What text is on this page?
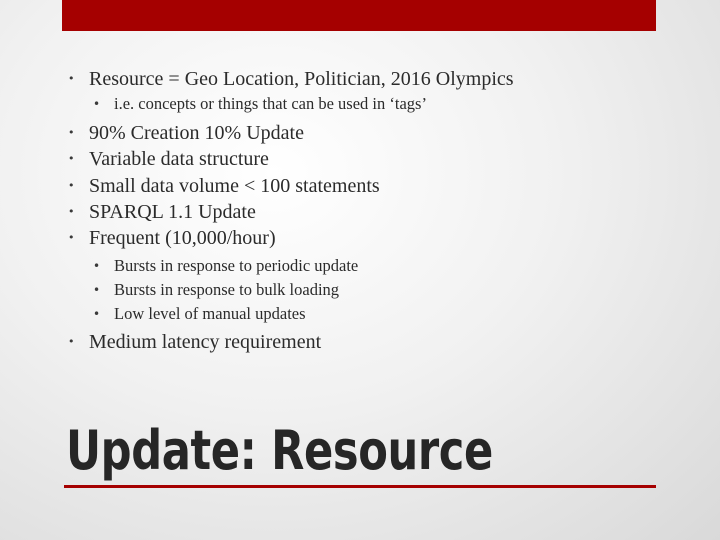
• Resource = Geo Location, Politician, 2016 Olympics
• i.e. concepts or things that can be used in ‘tags’
• 90% Creation 10% Update
• Variable data structure
• Small data volume < 100 statements
• SPARQL 1.1 Update
• Frequent (10,000/hour)
• Bursts in response to periodic update
• Bursts in response to bulk loading
• Low level of manual updates
• Medium latency requirement
Update: Resource
